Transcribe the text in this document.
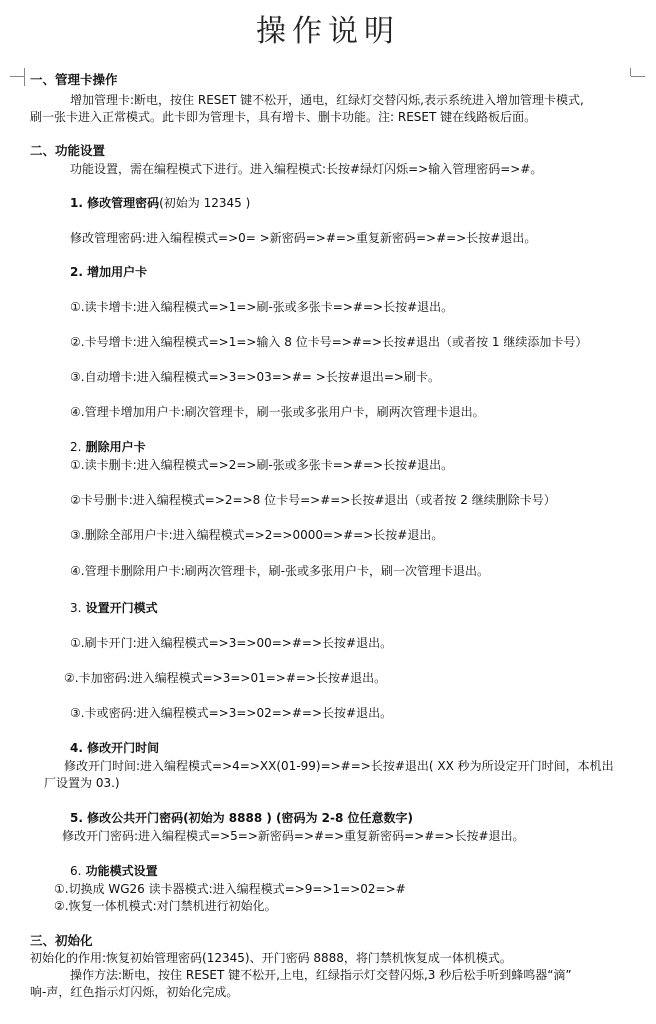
操作说明
一、管理卡操作
增加管理卡:断电，按住 RESET 键不松开，通电，红绿灯交替闪烁,表示系统进入增加管理卡模式,
刷一张卡进入正常模式。此卡即为管理卡，具有增卡、删卡功能。注: RESET 键在线路板后面。
二、功能设置
功能设置，需在编程模式下进行。进入编程模式:长按#绿灯闪烁=>输入管理密码=>#。
1. 修改管理密码(初始为 12345 )
修改管理密码:进入编程模式=>0= >新密码=>#=>重复新密码=>#=>长按#退出。
2. 增加用户卡
①.读卡增卡:进入编程模式=>1=>刷-张或多张卡=>#=>长按#退出。
②.卡号增卡:进入编程模式=>1=>输入 8 位卡号=>#=>长按#退出（或者按 1 继续添加卡号）
③.自动增卡:进入编程模式=>3=>03=>#= >长按#退出=>刷卡。
④.管理卡增加用户卡:刷次管理卡，刷一张或多张用户卡，刷两次管理卡退出。
2. 删除用户卡
①.读卡删卡:进入编程模式=>2=>刷-张或多张卡=>#=>长按#退出。
②卡号删卡:进入编程模式=>2=>8 位卡号=>#=>长按#退出（或者按 2 继续删除卡号）
③.删除全部用户卡:进入编程模式=>2=>0000=>#=>长按#退出。
④.管理卡删除用户卡:刷两次管理卡，刷-张或多张用户卡，刷一次管理卡退出。
3. 设置开门模式
①.刷卡开门:进入编程模式=>3=>00=>#=>长按#退出。
②.卡加密码:进入编程模式=>3=>01=>#=>长按#退出。
③.卡或密码:进入编程模式=>3=>02=>#=>长按#退出。
4. 修改开门时间
修改开门时间:进入编程模式=>4=>XX(01-99)=>#=>长按#退出( XX 秒为所设定开门时间，本机出
厂设置为 03.)
5. 修改公共开门密码(初始为 8888 ) (密码为 2-8 位任意数字)
修改开门密码:进入编程模式=>5=>新密码=>#=>重复新密码=>#=>长按#退出。
6. 功能模式设置
①.切换成 WG26 读卡器模式:进入编程模式=>9=>1=>02=>#
②.恢复一体机模式:对门禁机进行初始化。
三、初始化
初始化的作用:恢复初始管理密码(12345)、开门密码 8888，将门禁机恢复成一体机模式。
操作方法:断电，按住 RESET 键不松开,上电，红绿指示灯交替闪烁,3 秒后松手听到蜂鸣器“滴”
响-声，红色指示灯闪烁，初始化完成。
